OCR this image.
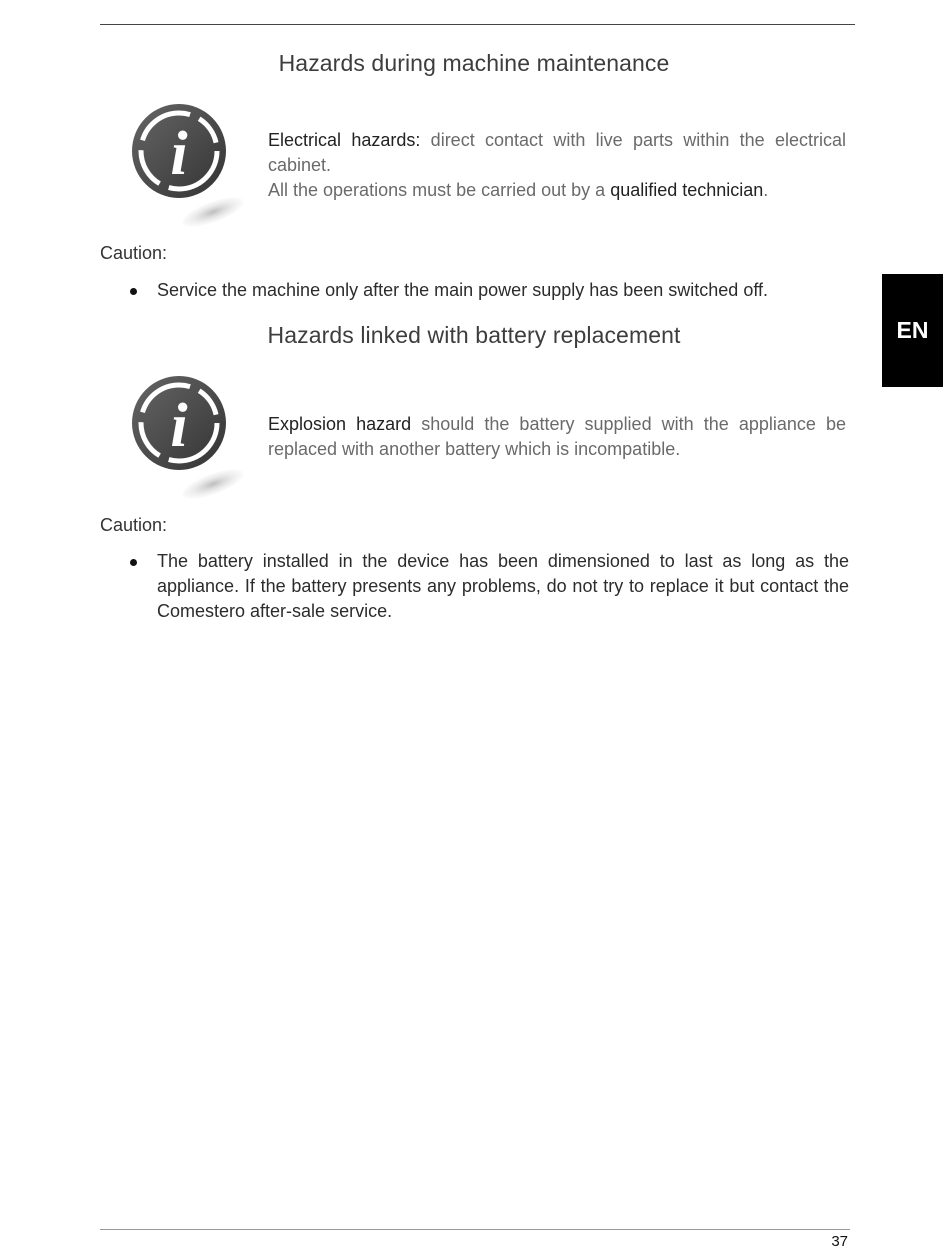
Hazards during machine maintenance
i	Electrical hazards: direct contact with live parts within the electrical cabinet.
All the operations must be carried out by a qualified technician.
Caution:
Service the machine only after the main power supply has been switched off.
Hazards linked with battery replacement
i	Explosion hazard should the battery supplied with the appliance be replaced with another battery which is incompatible.
Caution:
The battery installed in the device has been dimensioned to last as long as the appliance. If the battery presents any problems, do not try to replace it but contact the Comestero after-sale service.
EN
37
